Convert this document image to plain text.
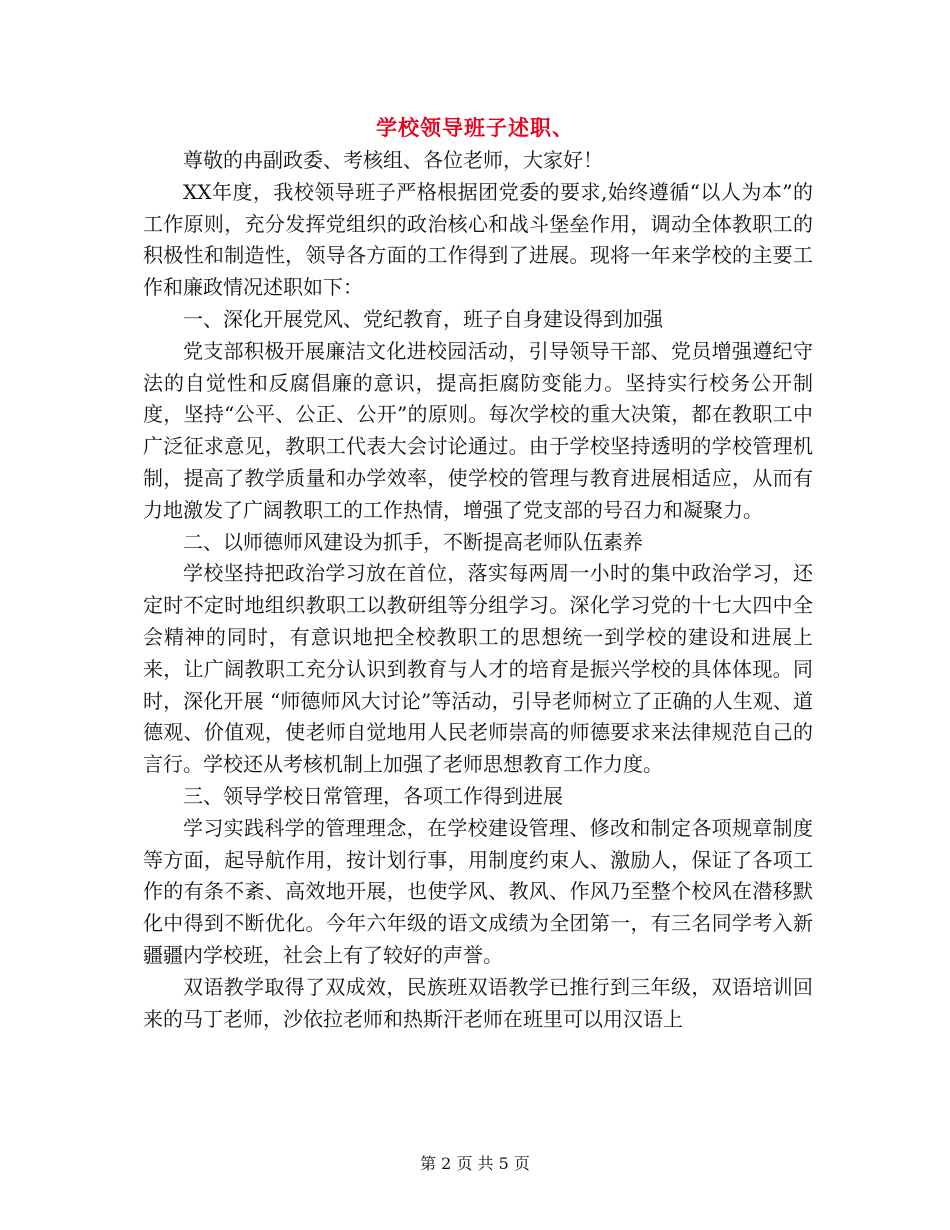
学校领导班子述职、

尊敬的冉副政委、考核组、各位老师，大家好！

XX年度，我校领导班子严格根据团党委的要求,始终遵循“以人为本”的工作原则，充分发挥党组织的政治核心和战斗堡垒作用，调动全体教职工的积极性和制造性，领导各方面的工作得到了进展。现将一年来学校的主要工作和廉政情况述职如下：

一、深化开展党风、党纪教育，班子自身建设得到加强

党支部积极开展廉洁文化进校园活动，引导领导干部、党员增强遵纪守法的自觉性和反腐倡廉的意识，提高拒腐防变能力。坚持实行校务公开制度，坚持“公平、公正、公开”的原则。每次学校的重大决策，都在教职工中广泛征求意见，教职工代表大会讨论通过。由于学校坚持透明的学校管理机制，提高了教学质量和办学效率，使学校的管理与教育进展相适应，从而有力地激发了广阔教职工的工作热情，增强了党支部的号召力和凝聚力。

二、以师德师风建设为抓手，不断提高老师队伍素养

学校坚持把政治学习放在首位，落实每两周一小时的集中政治学习，还定时不定时地组织教职工以教研组等分组学习。深化学习党的十七大四中全会精神的同时，有意识地把全校教职工的思想统一到学校的建设和进展上来，让广阔教职工充分认识到教育与人才的培育是振兴学校的具体体现。同时，深化开展 “师德师风大讨论”等活动，引导老师树立了正确的人生观、道德观、价值观，使老师自觉地用人民老师崇高的师德要求来法律规范自己的言行。学校还从考核机制上加强了老师思想教育工作力度。

三、领导学校日常管理，各项工作得到进展

学习实践科学的管理理念，在学校建设管理、修改和制定各项规章制度等方面，起导航作用，按计划行事，用制度约束人、激励人，保证了各项工作的有条不紊、高效地开展，也使学风、教风、作风乃至整个校风在潜移默化中得到不断优化。今年六年级的语文成绩为全团第一，有三名同学考入新疆疆内学校班，社会上有了较好的声誉。

双语教学取得了双成效，民族班双语教学已推行到三年级，双语培训回来的马丁老师，沙依拉老师和热斯汗老师在班里可以用汉语上

第 2 页 共 5 页
